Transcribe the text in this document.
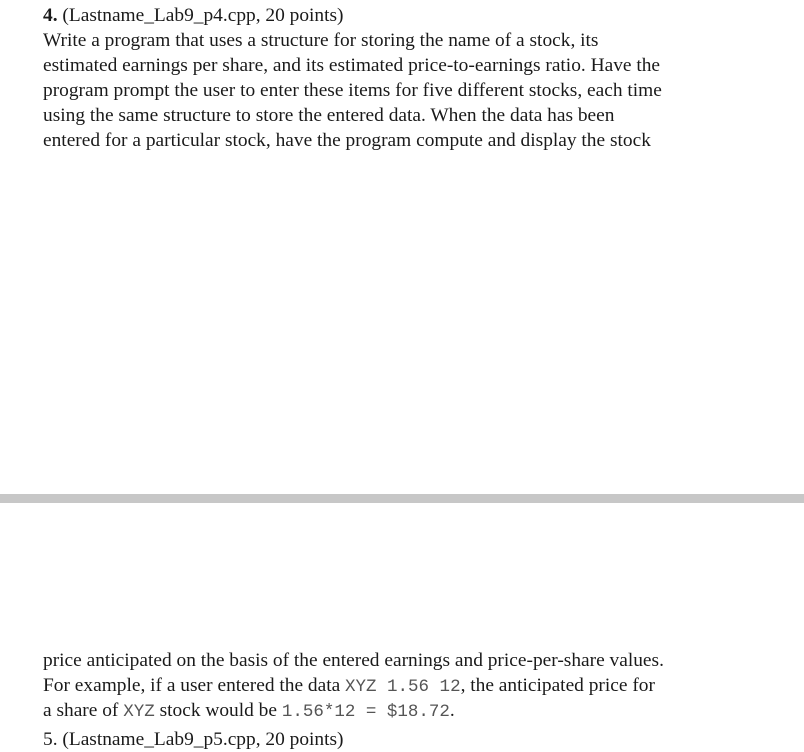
4. (Lastname_Lab9_p4.cpp, 20 points)
Write a program that uses a structure for storing the name of a stock, its
estimated earnings per share, and its estimated price-to-earnings ratio. Have the
program prompt the user to enter these items for five different stocks, each time
using the same structure to store the entered data. When the data has been
entered for a particular stock, have the program compute and display the stock
price anticipated on the basis of the entered earnings and price-per-share values.
For example, if a user entered the data XYZ 1.56 12, the anticipated price for
a share of XYZ stock would be 1.56*12 = $18.72.
5. (Lastname_Lab9_p5.cpp, 20 points)
